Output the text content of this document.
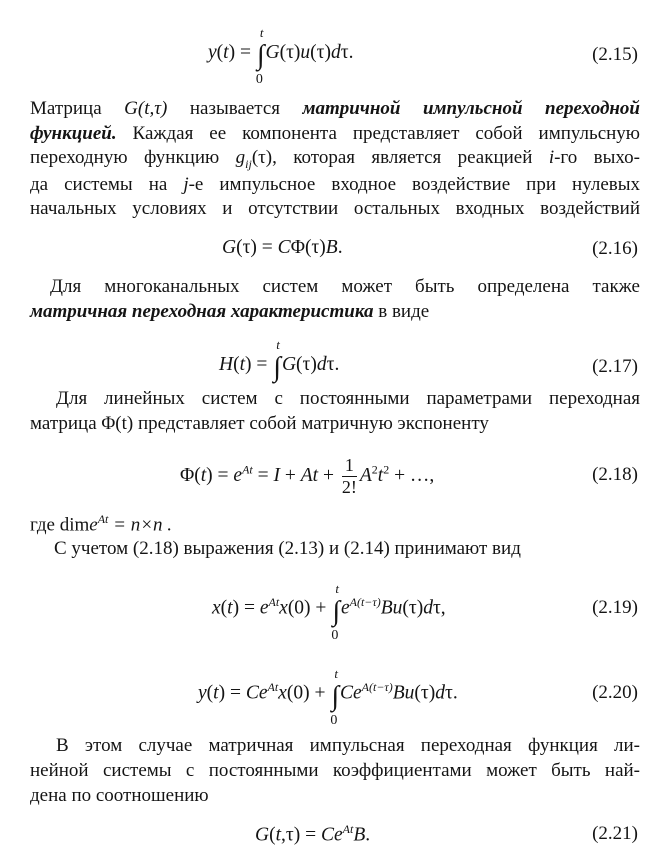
y(t) = ∫
t
0
G(τ)u(τ)dτ.	(2.15)
Матрица G(t,τ) называется матричной импульсной переходной
функцией. Каждая ее компонента представляет собой импульсную
переходную функцию $g_{ij}(\tau)$, которая является реакцией i-го выхо-
да системы на j-е импульсное входное воздействие при нулевых
начальных условиях и отсутствии остальных входных воздействий
G(τ) = CΦ(τ)B.	(2.16)
Для многоканальных систем может быть определена также
матричная переходная характеристика в виде
H(t) = ∫
t
G(τ)dτ.	(2.17)
Для линейных систем с постоянными параметрами переходная
матрица Φ(t) представляет собой матричную экспоненту
$\Phi(t) = e^{At} = I + At + \frac{1}{2!} A^2t^2$ + …,	(2.18)
где dime$^{At}$ = n×n .
С учетом (2.18) выражения (2.13) и (2.14) принимают вид
$x(t) = e^{At}x(0)$ + ∫
t
0
$e^{A(t-\tau)}Bu(\tau)d\tau$,	(2.19)
$y(t) = Ce^{At}x(0)$ + ∫
t
0
$Ce^{A(t-\tau)}Bu(\tau)d\tau$.	(2.20)
В этом случае матричная импульсная переходная функция ли-
нейной системы с постоянными коэффициентами может быть най-
дена по соотношению
$G(t,\tau) = Ce^{At}B$.	(2.21)
